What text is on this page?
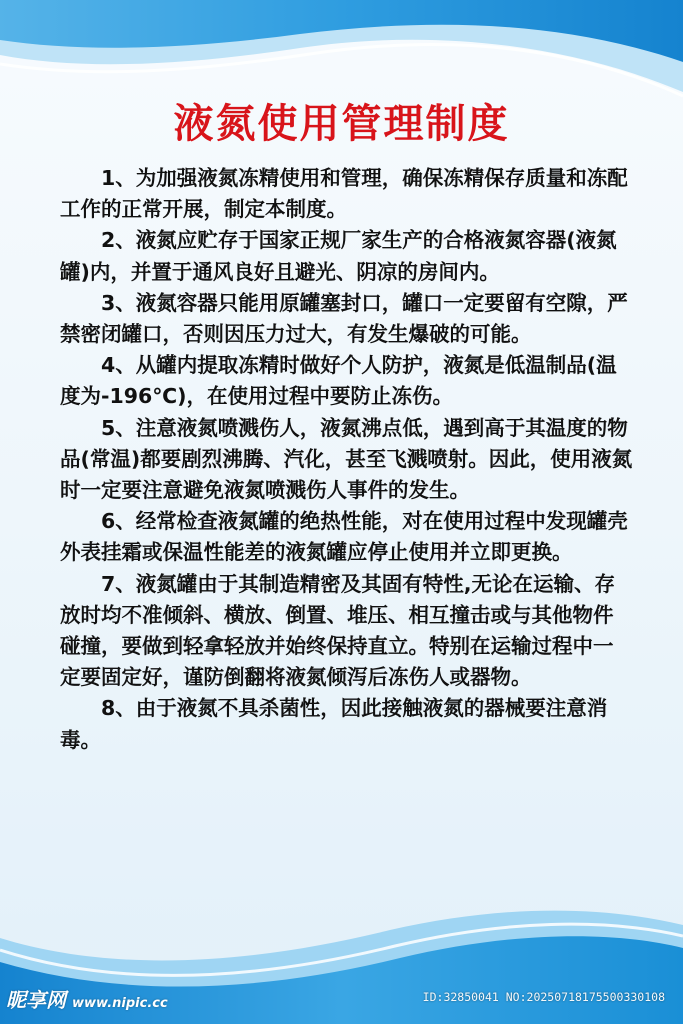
液氮使用管理制度

1、为加强液氮冻精使用和管理，确保冻精保存质量和冻配工作的正常开展，制定本制度。

2、液氮应贮存于国家正规厂家生产的合格液氮容器(液氮罐)内，并置于通风良好且避光、阴凉的房间内。

3、液氮容器只能用原罐塞封口，罐口一定要留有空隙，严禁密闭罐口，否则因压力过大，有发生爆破的可能。

4、从罐内提取冻精时做好个人防护，液氮是低温制品(温度为-196℃)，在使用过程中要防止冻伤。

5、注意液氮喷溅伤人，液氮沸点低，遇到高于其温度的物品(常温)都要剧烈沸腾、汽化，甚至飞溅喷射。因此，使用液氮时一定要注意避免液氮喷溅伤人事件的发生。

6、经常检查液氮罐的绝热性能，对在使用过程中发现罐壳外表挂霜或保温性能差的液氮罐应停止使用并立即更换。

7、液氮罐由于其制造精密及其固有特性,无论在运输、存放时均不准倾斜、横放、倒置、堆压、相互撞击或与其他物件碰撞，要做到轻拿轻放并始终保持直立。特别在运输过程中一定要固定好，谨防倒翻将液氮倾泻后冻伤人或器物。

8、由于液氮不具杀菌性，因此接触液氮的器械要注意消毒。

昵享网 www.nipic.cc	ID:32850041 NO:20250718175500330108
